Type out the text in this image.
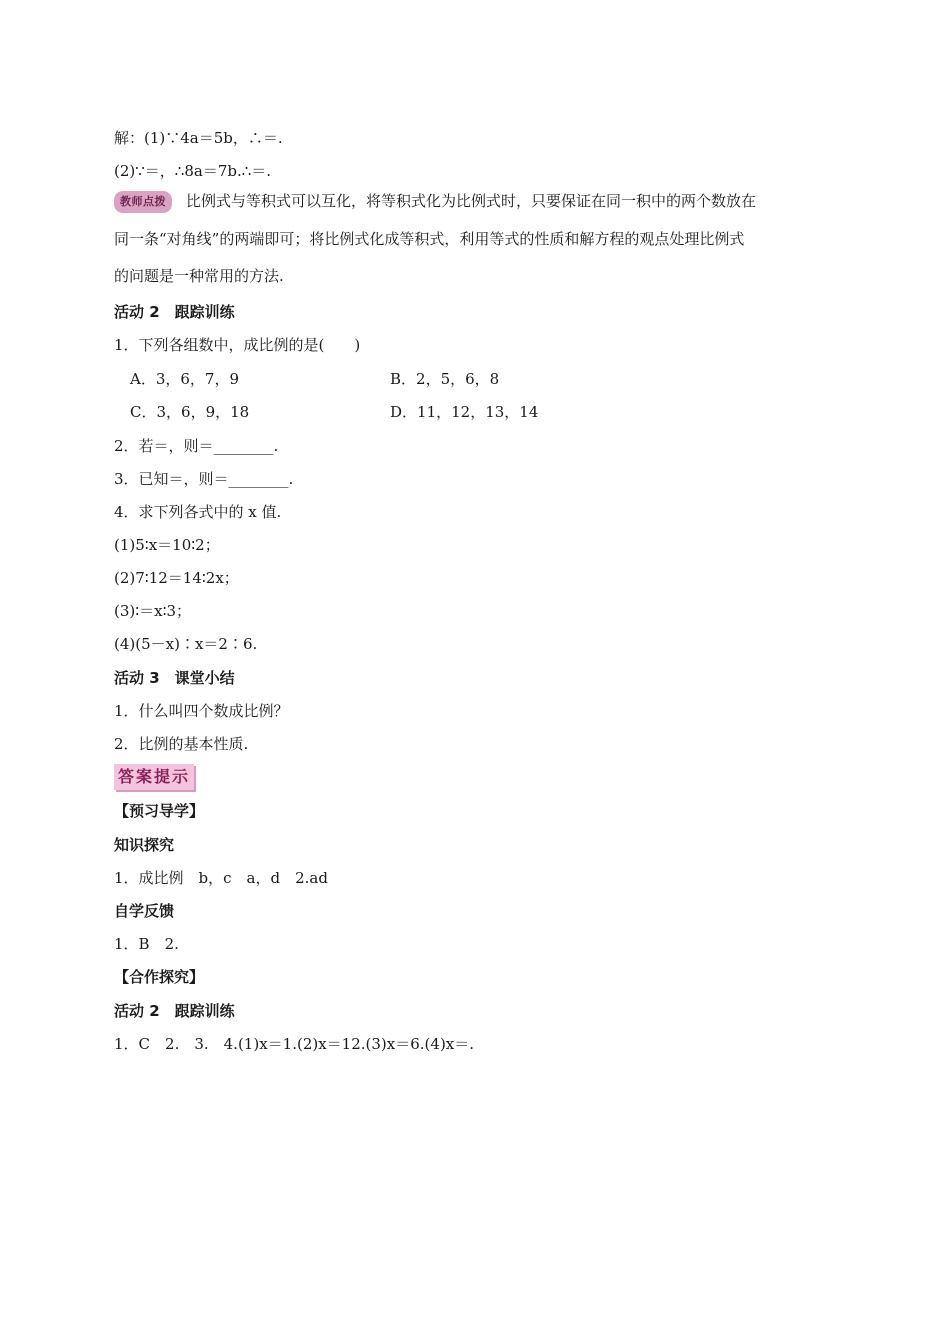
解：(1)∵4a＝5b，∴＝.
(2)∵＝，∴8a＝7b.∴＝.
教师点拨 比例式与等积式可以互化，将等积式化为比例式时，只要保证在同一积中的两个数放在
同一条“对角线”的两端即可；将比例式化成等积式，利用等式的性质和解方程的观点处理比例式
的问题是一种常用的方法.
活动 2　跟踪训练
1．下列各组数中，成比例的是(　　)
A．3，6，7，9	B．2，5，6，8
C．3，6，9，18	D．11，12，13，14
2．若＝，则＝________.
3．已知＝，则＝________.
4．求下列各式中的 x 值.
(1)5∶x＝10∶2；
(2)7∶12＝14∶2x；
(3)∶＝x∶3；
(4)(5－x)∶x＝2∶6.
活动 3　课堂小结
1．什么叫四个数成比例？
2．比例的基本性质.
答案提示
【预习导学】
知识探究
1．成比例　b，c　a，d　2.ad
自学反馈
1．B　2.
【合作探究】
活动 2　跟踪训练
1．C　2.　3.　4.(1)x＝1.(2)x＝12.(3)x＝6.(4)x＝.
